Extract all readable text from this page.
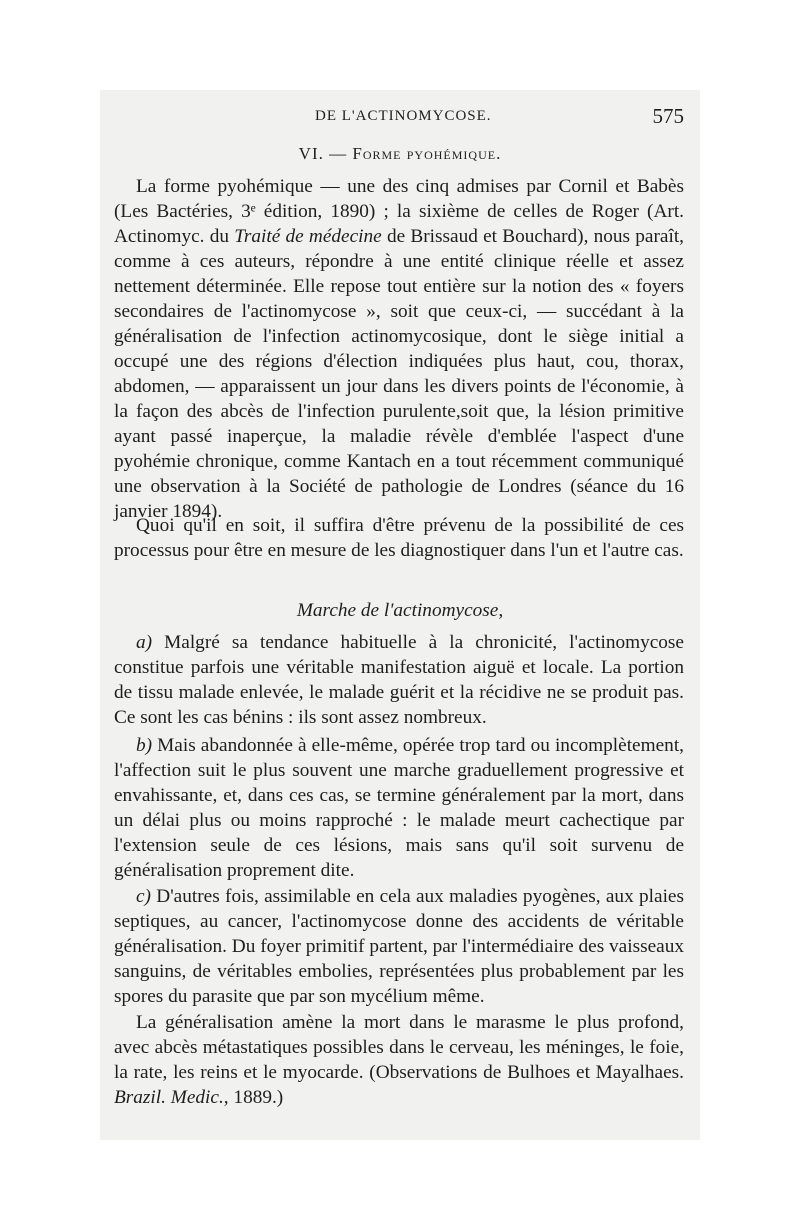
DE L'ACTINOMYCOSE.	575
VI. — Forme pyohémique.

La forme pyohémique — une des cinq admises par Cornil et Babès (Les Bactéries, 3ᵉ édition, 1890) ; la sixième de celles de Roger (Art. Actinomyc. du Traité de médecine de Brissaud et Bouchard), nous paraît, comme à ces auteurs, répondre à une entité clinique réelle et assez nettement déterminée. Elle repose tout entière sur la notion des « foyers secondaires de l'actinomycose », soit que ceux-ci, — succédant à la généralisation de l'infection actinomycosique, dont le siège initial a occupé une des régions d'élection indiquées plus haut, cou, thorax, abdomen, — apparaissent un jour dans les divers points de l'économie, à la façon des abcès de l'infection purulente,soit que, la lésion primitive ayant passé inaperçue, la maladie révèle d'emblée l'aspect d'une pyohémie chronique, comme Kantach en a tout récemment communiqué une observation à la Société de pathologie de Londres (séance du 16 janvier 1894).

Quoi qu'il en soit, il suffira d'être prévenu de la possibilité de ces processus pour être en mesure de les diagnostiquer dans l'un et l'autre cas.

Marche de l'actinomycose,

a) Malgré sa tendance habituelle à la chronicité, l'actinomycose constitue parfois une véritable manifestation aiguë et locale. La portion de tissu malade enlevée, le malade guérit et la récidive ne se produit pas. Ce sont les cas bénins : ils sont assez nombreux.

b) Mais abandonnée à elle-même, opérée trop tard ou incomplètement, l'affection suit le plus souvent une marche graduellement progressive et envahissante, et, dans ces cas, se termine généralement par la mort, dans un délai plus ou moins rapproché : le malade meurt cachectique par l'extension seule de ces lésions, mais sans qu'il soit survenu de généralisation proprement dite.

c) D'autres fois, assimilable en cela aux maladies pyogènes, aux plaies septiques, au cancer, l'actinomycose donne des accidents de véritable généralisation. Du foyer primitif partent, par l'intermédiaire des vaisseaux sanguins, de véritables embolies, représentées plus probablement par les spores du parasite que par son mycélium même.

La généralisation amène la mort dans le marasme le plus profond, avec abcès métastatiques possibles dans le cerveau, les méninges, le foie, la rate, les reins et le myocarde. (Observations de Bulhoes et Mayalhaes. Brazil. Medic., 1889.)
